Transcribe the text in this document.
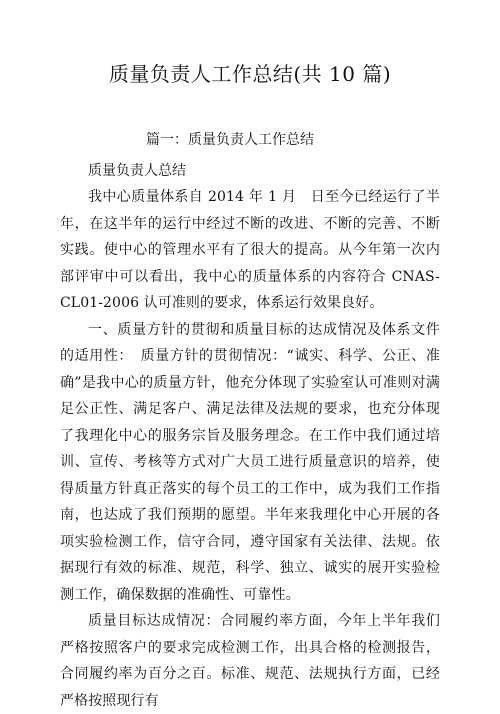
质量负责人工作总结(共 10 篇)
篇一：质量负责人工作总结

质量负责人总结

我中心质量体系自 2014 年 1 月　日至今已经运行了半年，在这半年的运行中经过不断的改进、不断的完善、不断实践。使中心的管理水平有了很大的提高。从今年第一次内部评审中可以看出，我中心的质量体系的内容符合 CNAS-CL01-2006 认可准则的要求，体系运行效果良好。

一、质量方针的贯彻和质量目标的达成情况及体系文件的适用性：　质量方针的贯彻情况：“诚实、科学、公正、准确”是我中心的质量方针，他充分体现了实验室认可准则对满足公正性、满足客户、满足法律及法规的要求，也充分体现了我理化中心的服务宗旨及服务理念。在工作中我们通过培训、宣传、考核等方式对广大员工进行质量意识的培养，使得质量方针真正落实的每个员工的工作中，成为我们工作指南，也达成了我们预期的愿望。半年来我理化中心开展的各项实验检测工作，信守合同，遵守国家有关法律、法规。依据现行有效的标准、规范，科学、独立、诚实的展开实验检测工作，确保数据的准确性、可靠性。

质量目标达成情况：合同履约率方面，今年上半年我们严格按照客户的要求完成检测工作，出具合格的检测报告，合同履约率为百分之百。标准、规范、法规执行方面，已经严格按照现行有
